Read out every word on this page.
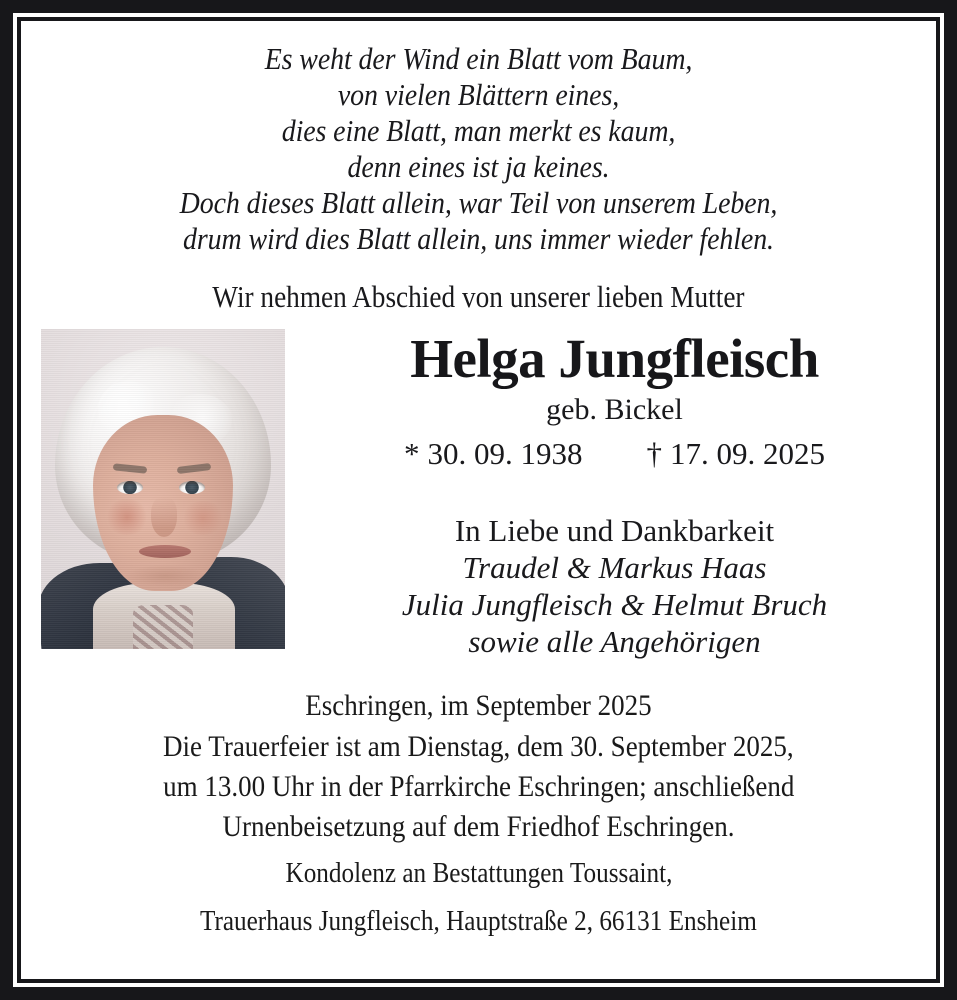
Es weht der Wind ein Blatt vom Baum,
von vielen Blättern eines,
dies eine Blatt, man merkt es kaum,
denn eines ist ja keines.
Doch dieses Blatt allein, war Teil von unserem Leben,
drum wird dies Blatt allein, uns immer wieder fehlen.
Wir nehmen Abschied von unserer lieben Mutter
Helga Jungfleisch
geb. Bickel
* 30. 09. 1938 † 17. 09. 2025
In Liebe und Dankbarkeit
Traudel & Markus Haas
Julia Jungfleisch & Helmut Bruch
sowie alle Angehörigen
Eschringen, im September 2025
Die Trauerfeier ist am Dienstag, dem 30. September 2025,
um 13.00 Uhr in der Pfarrkirche Eschringen; anschließend
Urnenbeisetzung auf dem Friedhof Eschringen.
Kondolenz an Bestattungen Toussaint,
Trauerhaus Jungfleisch, Hauptstraße 2, 66131 Ensheim
